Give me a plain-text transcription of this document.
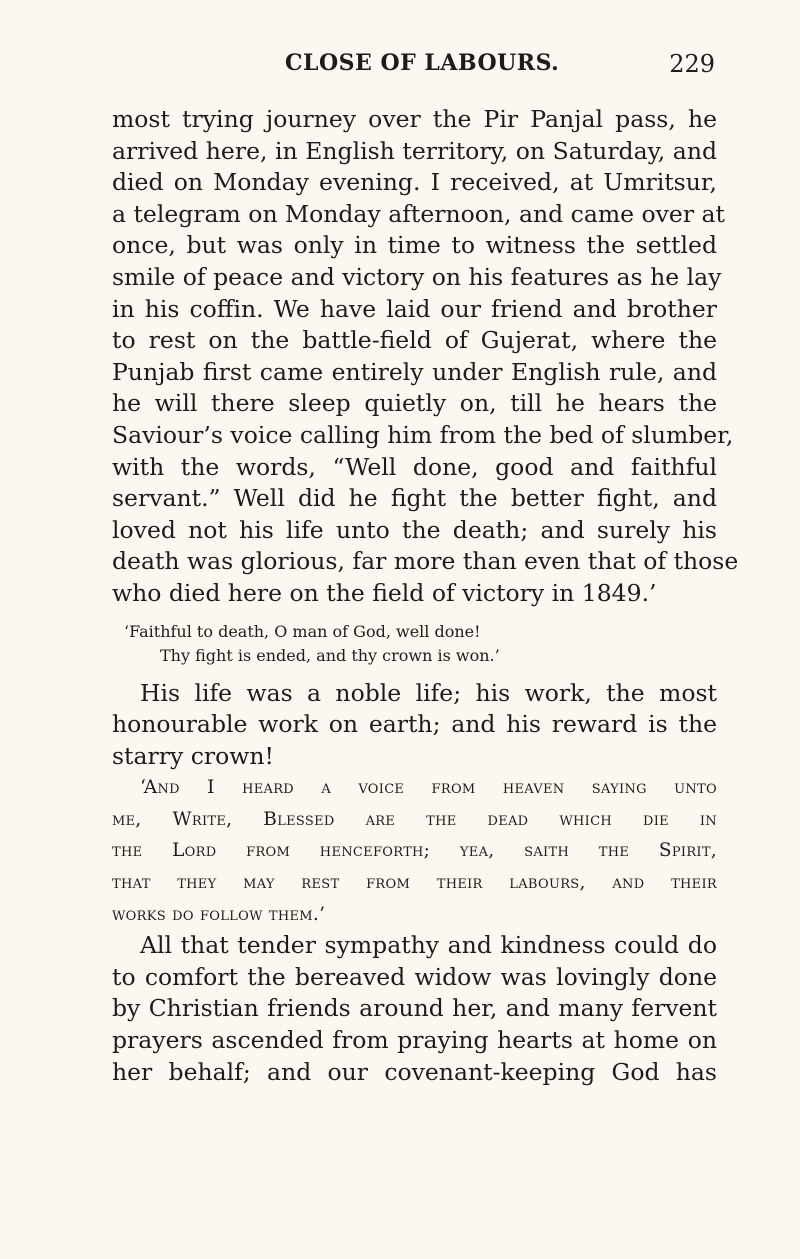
CLOSE OF LABOURS.	229
most trying journey over the Pir Panjal pass, he
arrived here, in English territory, on Saturday, and
died on Monday evening. I received, at Umritsur,
a telegram on Monday afternoon, and came over at
once, but was only in time to witness the settled
smile of peace and victory on his features as he lay
in his coffin. We have laid our friend and brother
to rest on the battle-field of Gujerat, where the
Punjab first came entirely under English rule, and
he will there sleep quietly on, till he hears the
Saviour’s voice calling him from the bed of slumber,
with the words, “Well done, good and faithful
servant.” Well did he fight the better fight, and
loved not his life unto the death; and surely his
death was glorious, far more than even that of those
who died here on the field of victory in 1849.’
‘Faithful to death, O man of God, well done!
Thy fight is ended, and thy crown is won.’
His life was a noble life; his work, the most
honourable work on earth; and his reward is the
starry crown!
‘And I heard a voice from heaven saying unto
me, Write, Blessed are the dead which die in
the Lord from henceforth; yea, saith the Spirit,
that they may rest from their labours, and their
works do follow them.’
All that tender sympathy and kindness could do
to comfort the bereaved widow was lovingly done
by Christian friends around her, and many fervent
prayers ascended from praying hearts at home on
her behalf; and our covenant-keeping God has
